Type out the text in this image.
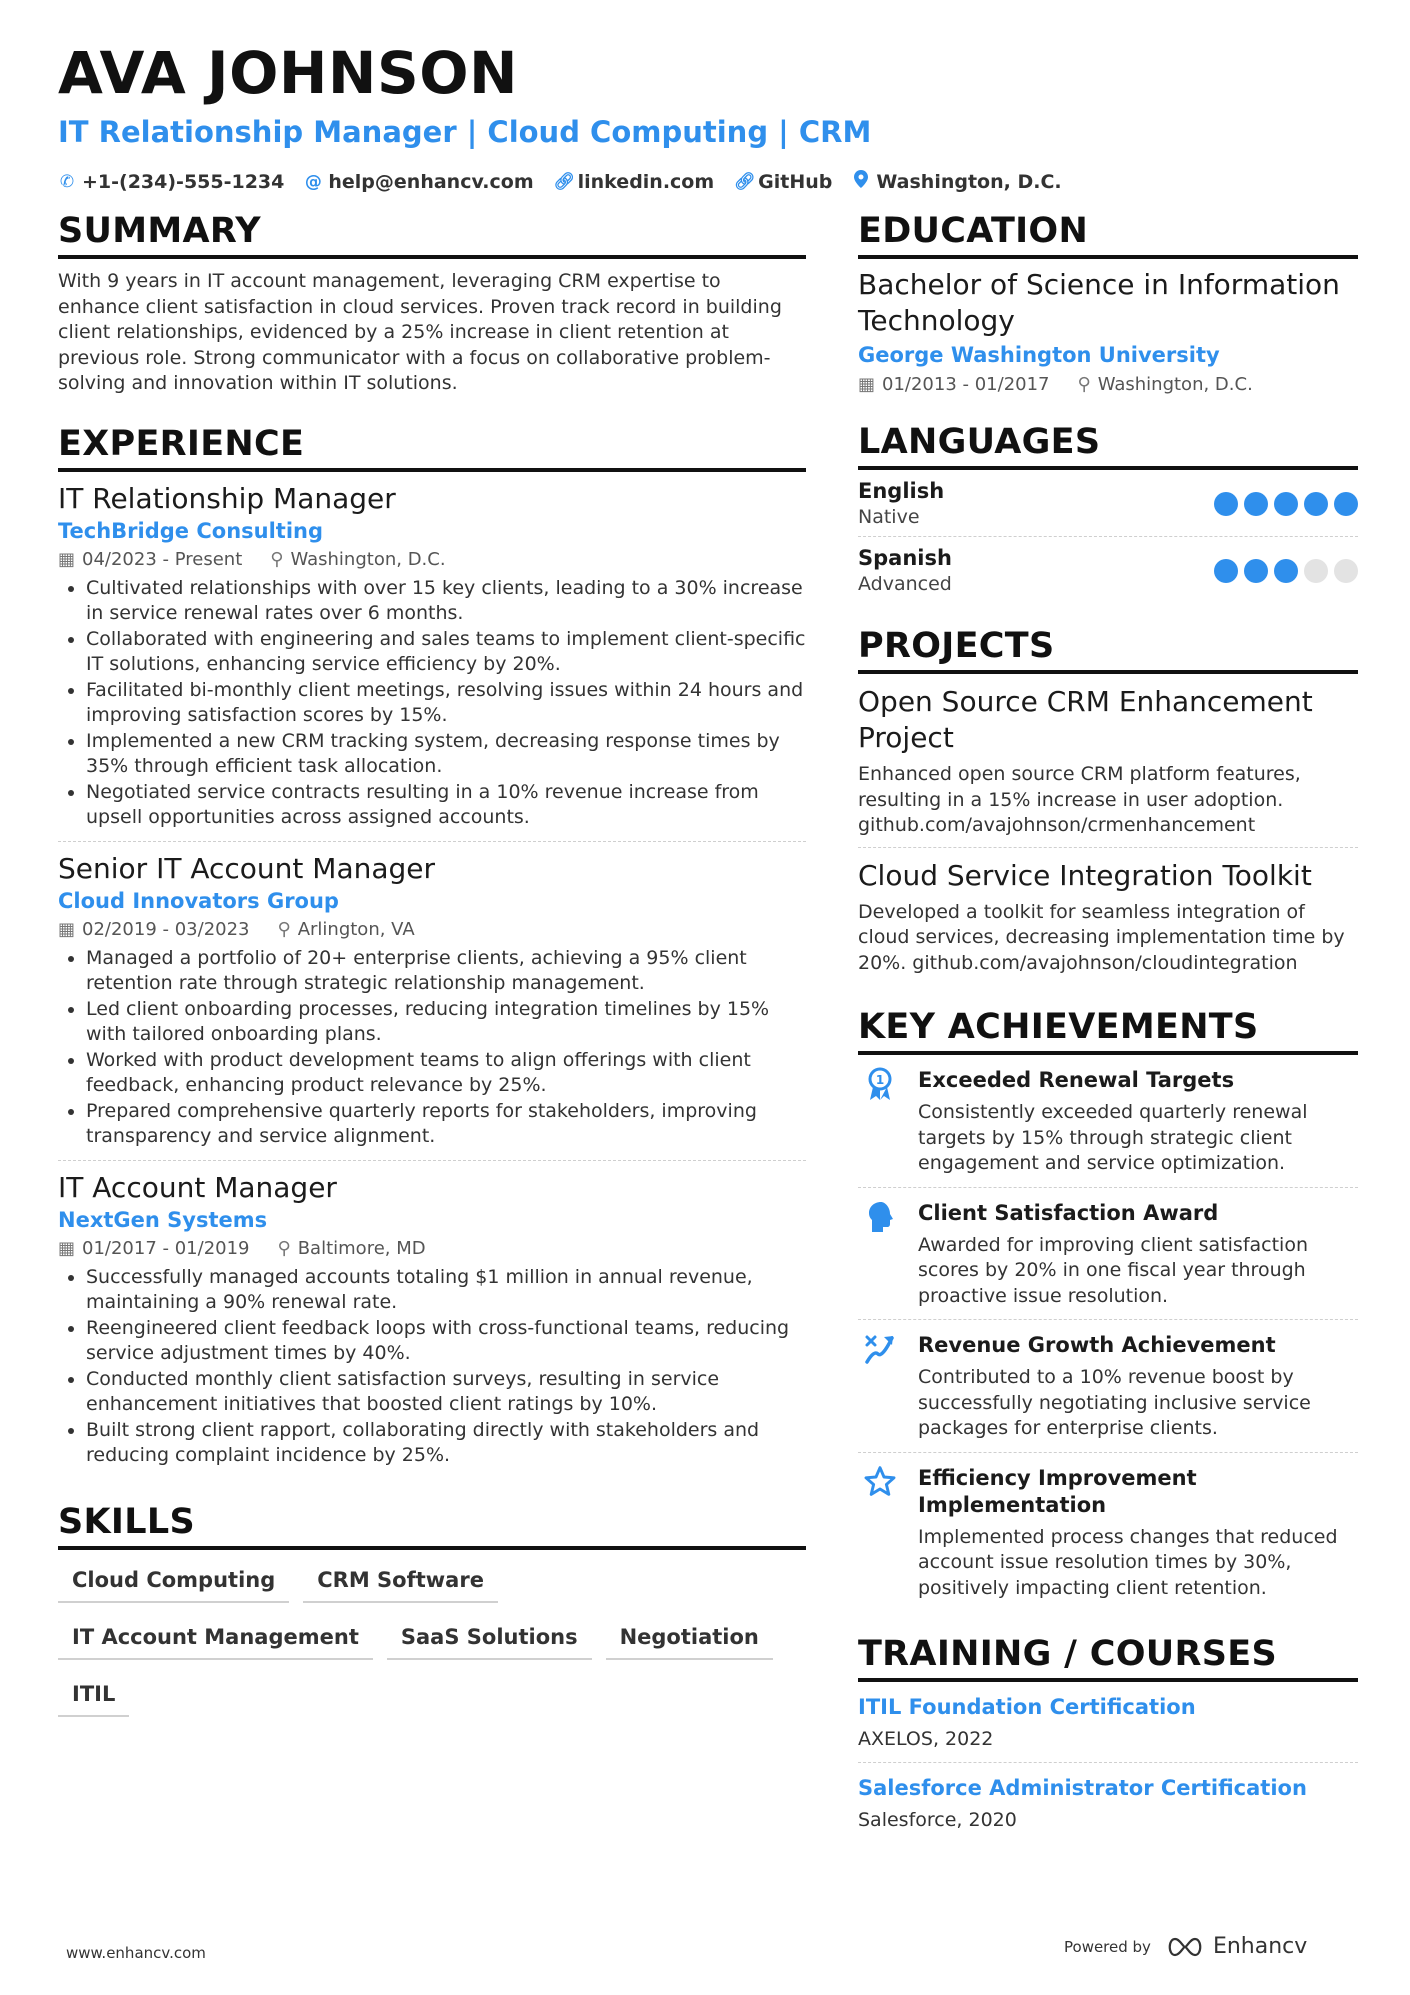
AVA JOHNSON
IT Relationship Manager | Cloud Computing | CRM
✆ +1-(234)-555-1234 @ help@enhancv.com 🔗︎ linkedin.com 🔗︎ GitHub Washington, D.C.
SUMMARY
With 9 years in IT account management, leveraging CRM expertise to enhance client satisfaction in cloud services. Proven track record in building client relationships, evidenced by a 25% increase in client retention at previous role. Strong communicator with a focus on collaborative problem-solving and innovation within IT solutions.
EXPERIENCE
IT Relationship Manager
TechBridge Consulting
▦ 04/2023 - Present ⚲ Washington, D.C.
• Cultivated relationships with over 15 key clients, leading to a 30% increase in service renewal rates over 6 months.
• Collaborated with engineering and sales teams to implement client-specific IT solutions, enhancing service efficiency by 20%.
• Facilitated bi-monthly client meetings, resolving issues within 24 hours and improving satisfaction scores by 15%.
• Implemented a new CRM tracking system, decreasing response times by 35% through efficient task allocation.
• Negotiated service contracts resulting in a 10% revenue increase from upsell opportunities across assigned accounts.
Senior IT Account Manager
Cloud Innovators Group
▦ 02/2019 - 03/2023 ⚲ Arlington, VA
• Managed a portfolio of 20+ enterprise clients, achieving a 95% client retention rate through strategic relationship management.
• Led client onboarding processes, reducing integration timelines by 15% with tailored onboarding plans.
• Worked with product development teams to align offerings with client feedback, enhancing product relevance by 25%.
• Prepared comprehensive quarterly reports for stakeholders, improving transparency and service alignment.
IT Account Manager
NextGen Systems
▦ 01/2017 - 01/2019 ⚲ Baltimore, MD
• Successfully managed accounts totaling $1 million in annual revenue, maintaining a 90% renewal rate.
• Reengineered client feedback loops with cross-functional teams, reducing service adjustment times by 40%.
• Conducted monthly client satisfaction surveys, resulting in service enhancement initiatives that boosted client ratings by 10%.
• Built strong client rapport, collaborating directly with stakeholders and reducing complaint incidence by 25%.
SKILLS
Cloud Computing	CRM Software
IT Account Management	SaaS Solutions	Negotiation
ITIL
EDUCATION
Bachelor of Science in Information Technology
George Washington University
▦ 01/2013 - 01/2017 ⚲ Washington, D.C.
LANGUAGES
English
Native
Spanish
Advanced
PROJECTS
Open Source CRM Enhancement Project
Enhanced open source CRM platform features, resulting in a 15% increase in user adoption. github.com/avajohnson/crmenhancement
Cloud Service Integration Toolkit
Developed a toolkit for seamless integration of cloud services, decreasing implementation time by 20%. github.com/avajohnson/cloudintegration
KEY ACHIEVEMENTS
1 Exceeded Renewal Targets
Consistently exceeded quarterly renewal targets by 15% through strategic client engagement and service optimization.
Client Satisfaction Award
Awarded for improving client satisfaction scores by 20% in one fiscal year through proactive issue resolution.
Revenue Growth Achievement
Contributed to a 10% revenue boost by successfully negotiating inclusive service packages for enterprise clients.
Efficiency Improvement Implementation
Implemented process changes that reduced account issue resolution times by 30%, positively impacting client retention.
TRAINING / COURSES
ITIL Foundation Certification
AXELOS, 2022
Salesforce Administrator Certification
Salesforce, 2020
www.enhancv.com	Powered by	Enhancv
